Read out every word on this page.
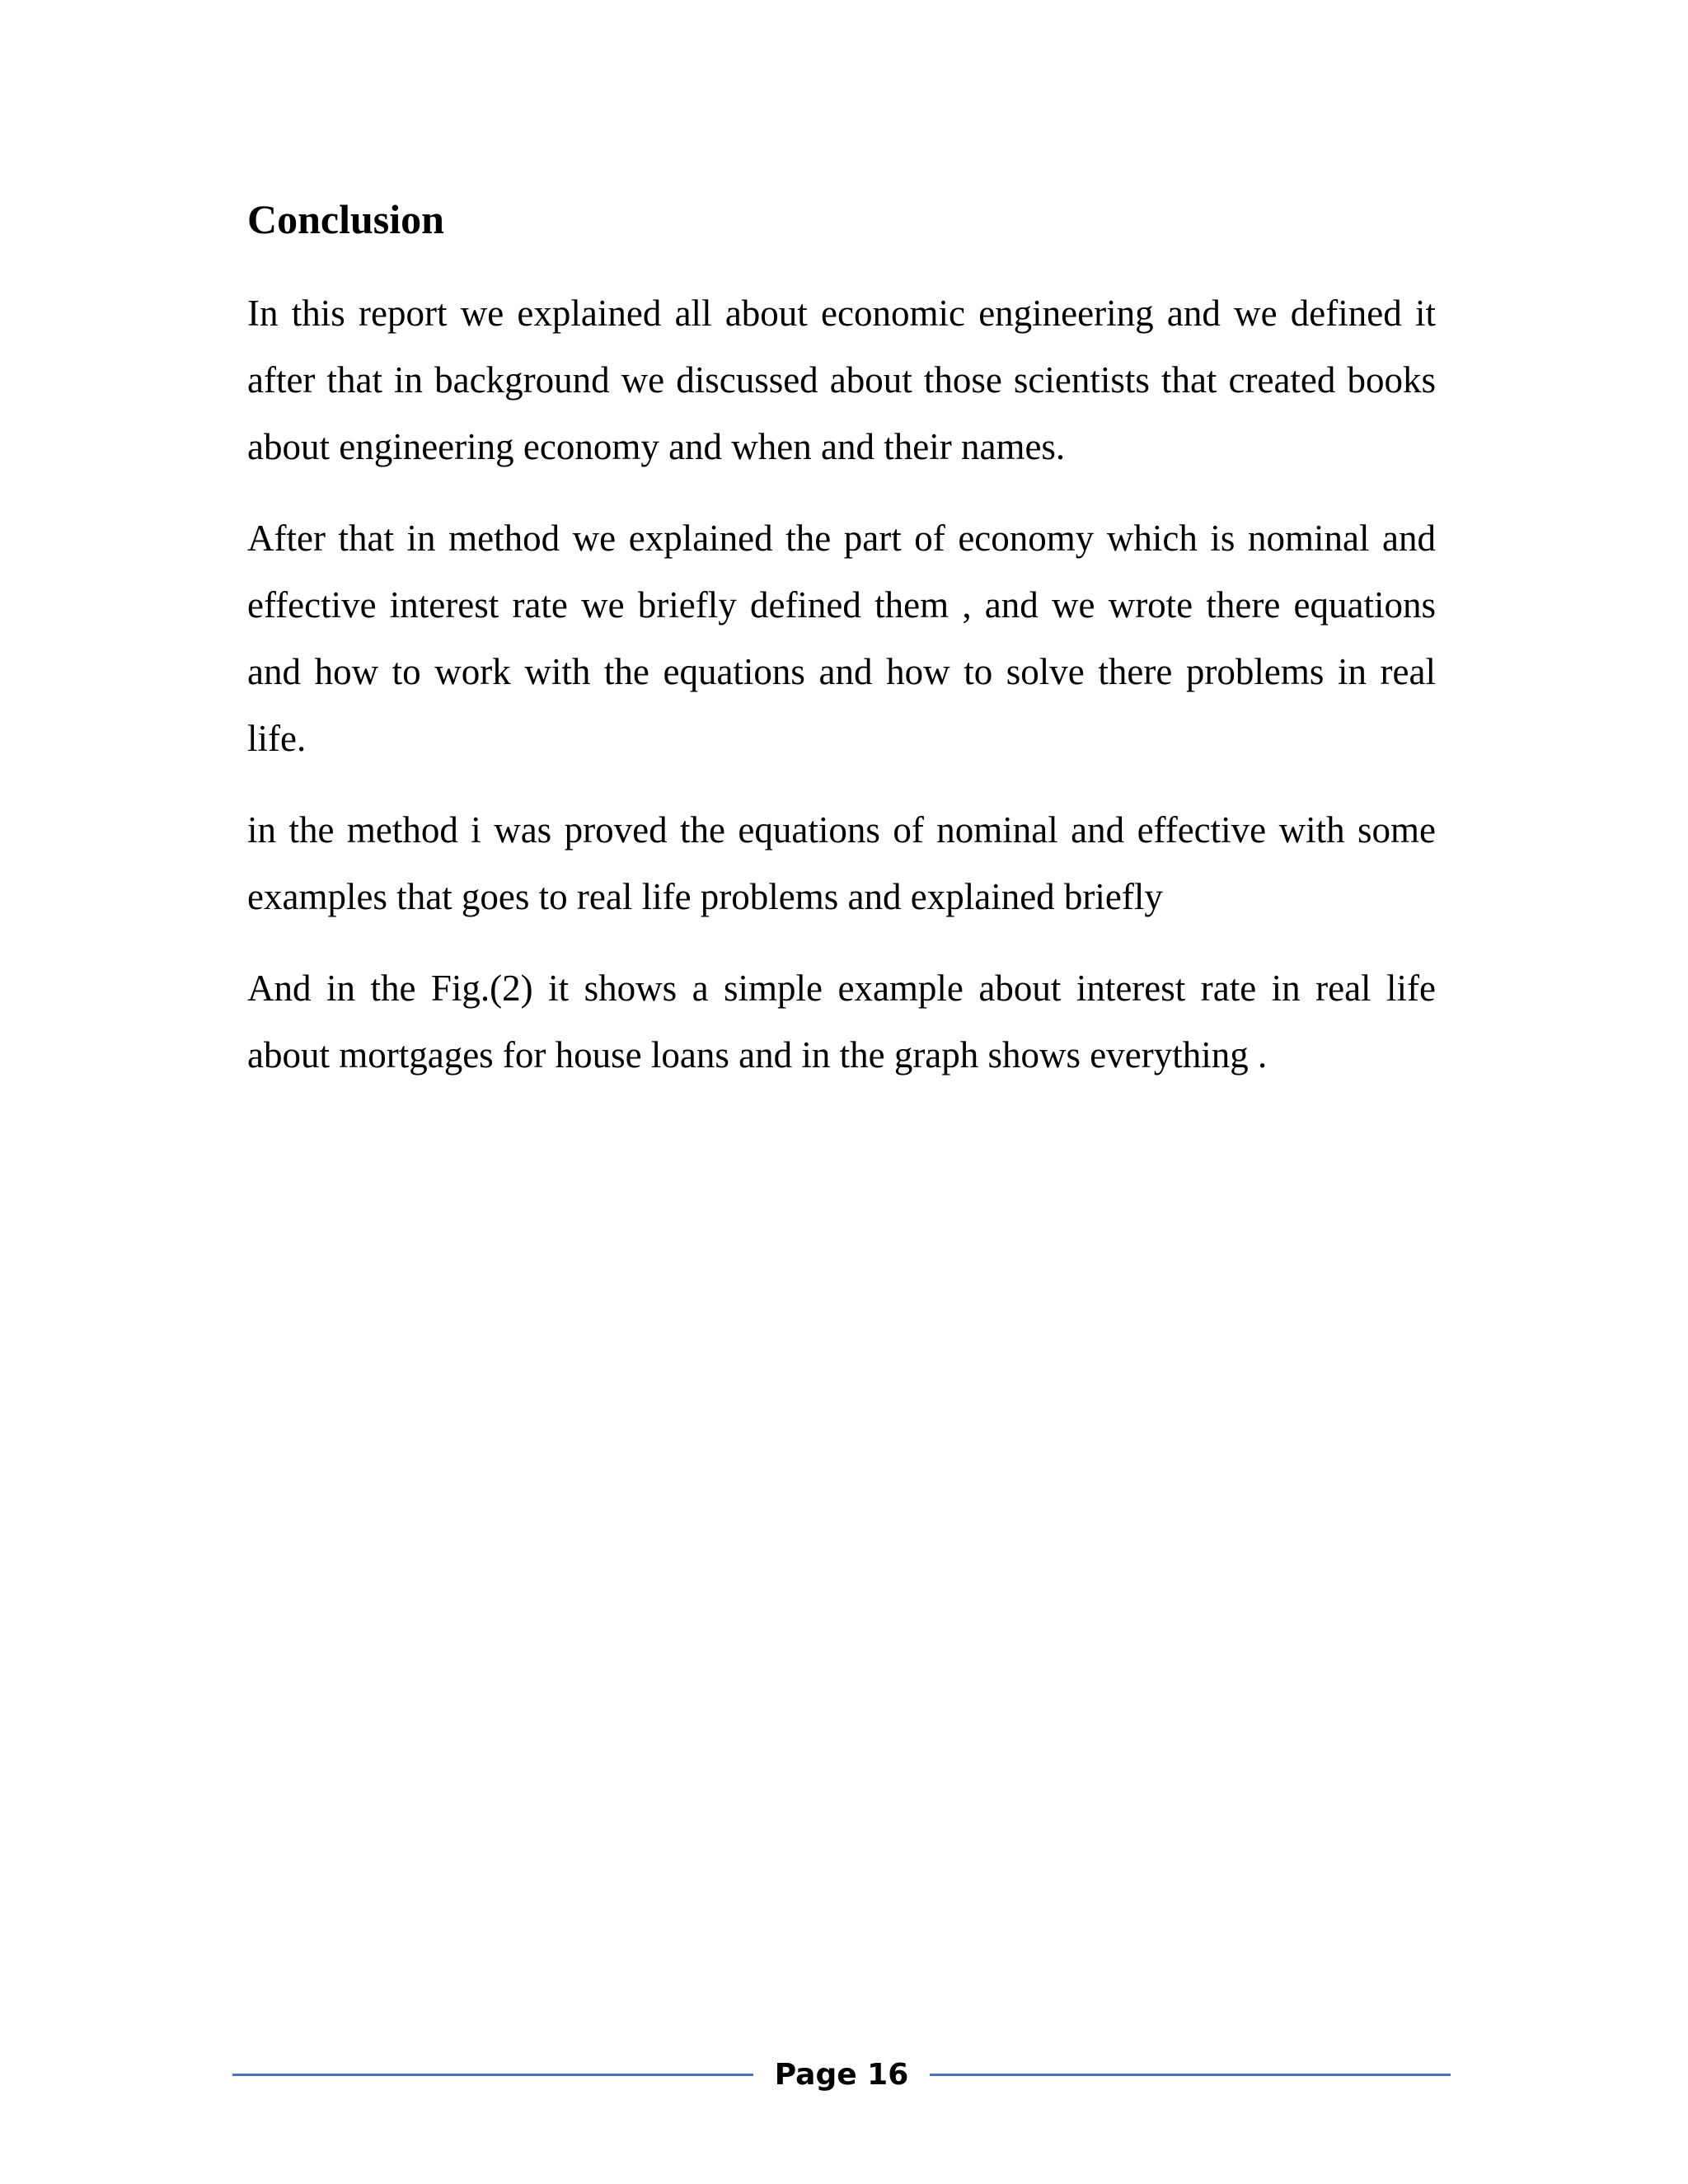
Conclusion

In this report we explained all about economic engineering and we defined it after that in background we discussed about those scientists that created books about engineering economy and when and their names.

After that in method we explained the part of economy which is nominal and effective interest rate we briefly defined them , and we wrote there equations and how to work with the equations and how to solve there problems in real life.

in the method i was proved the equations of nominal and effective with some examples that goes to real life problems and explained briefly

And in the Fig.(2) it shows a simple example about interest rate in real life about mortgages for house loans and in the graph shows everything .

Page 16
